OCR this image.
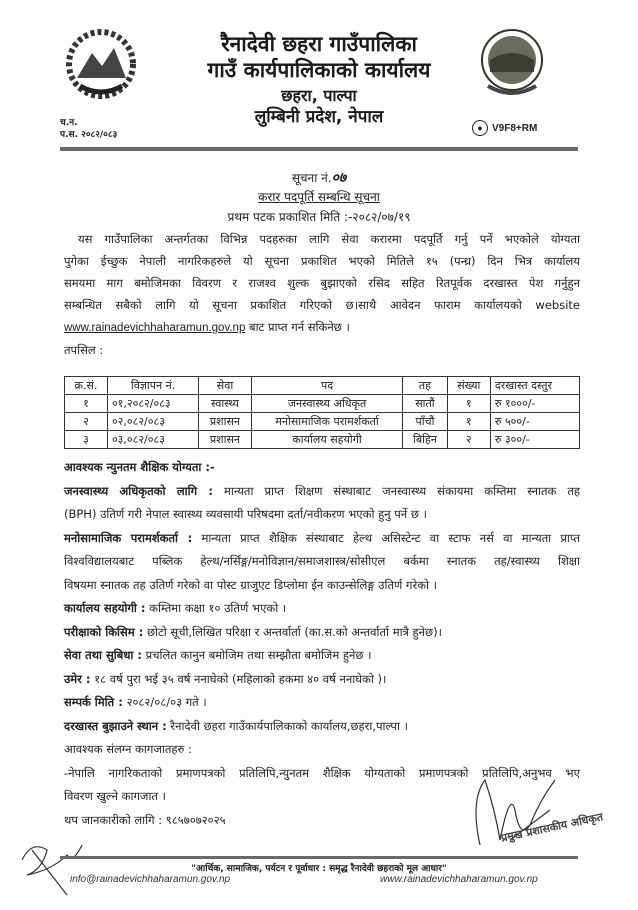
रैनादेवी छहरा गाउँपालिका
गाउँ कार्यपालिकाको कार्यालय
छहरा, पाल्पा
लुम्बिनी प्रदेश, नेपाल
च.न.
प.स. २०८२/०८३
● V9F8+RM
सूचना नं.०७
करार पदपूर्ति सम्बन्धि सूचना
प्रथम पटक प्रकाशित मिति :-२०८२/०७/१९
यस गाउँपालिका अन्तर्गतका विभिन्न पदहरुका लागि सेवा करारमा पदपूर्ति गर्नु पर्ने भएकोले योग्यता
पुगेका ईच्छुक नेपाली नागरिकहरुले यो सूचना प्रकाशित भएको मितिले १५ (पन्ध्र) दिन भित्र कार्यालय
समयमा माग बमोजिमका विवरण र राजश्व शुल्क बुझाएको रसिद सहित रितपूर्वक दरखास्त पेश गर्नुहुन
सम्बन्धित सबैको लागि यो सूचना प्रकाशित गरिएको छ।साथै आवेदन फाराम कार्यालयको website
www.rainadevichhaharamun.gov.np बाट प्राप्त गर्न सकिनेछ ।
तपसिल :
क्र.सं.	विज्ञापन नं.	सेवा	पद	तह	संख्या	दरखास्त दस्तुर
१	०१,२०८२/०८३	स्वास्थ्य	जनस्वास्थ्य अधिकृत	सातौं	१	रु १०००/-
२	०२,०८२/०८३	प्रशासन	मनोसामाजिक परामर्शकर्ता	पाँचौं	१	रु ५००/-
३	०३,०८२/०८३	प्रशासन	कार्यालय सहयोगी	बिहिन	२	रु ३००/-
आवश्यक न्युनतम शैक्षिक योग्यता :-
जनस्वास्थ्य अधिकृतको लागि : मान्यता प्राप्त शिक्षण संस्थाबाट जनस्वास्थ्य संकायमा कम्तिमा स्नातक तह
(BPH) उतिर्ण गरी नेपाल स्वास्थ्य व्यवसायी परिषदमा दर्ता/नवीकरण भएको हुनु पर्ने छ ।
मनोसामाजिक परामर्शकर्ता : मान्यता प्राप्त शैक्षिक संस्थाबाट हेल्थ असिस्टेन्ट वा स्टाफ नर्स वा मान्यता प्राप्त
विश्वविद्यालयबाट पब्लिक हेल्थ/नर्सिङ्ग/मनोविज्ञान/समाजशास्त्र/सोसीएल बर्कमा स्नातक तह/स्वास्थ्य शिक्षा
विषयमा स्नातक तह उतिर्ण गरेको वा पोस्ट ग्राजुएट डिप्लोमा ईन काउन्सेलिङ्ग उतिर्ण गरेको ।
कार्यालय सहयोगी : कम्तिमा कक्षा १० उतिर्ण भएको ।
परीक्षाको किसिम : छोटो सूची,लिखित परिक्षा र अन्तर्वार्ता (का.स.को अन्तर्वार्ता मात्रै हुनेछ)।
सेवा तथा सुबिधा : प्रचलित कानुन बमोजिम तथा सम्झौता बमोजिम हुनेछ ।
उमेर : १८ वर्ष पुरा भई ३५ वर्ष ननाघेको (महिलाको हकमा ४० वर्ष ननाघेको )।
सम्पर्क मिति : २०८२/०८/०३ गते ।
दरखास्त बुझाउने स्थान : रैनादेवी छहरा गाउँकार्यपालिकाको कार्यालय,छहरा,पाल्पा ।
आवश्यक संलग्न कागजातहरु :
-नेपालि नागरिकताको प्रमाणपत्रको प्रतिलिपि,न्युनतम शैक्षिक योग्यताको प्रमाणपत्रको प्रतिलिपि,अनुभव भए
विवरण खुल्ने कागजात ।
थप जानकारीको लागि : ९८५७०७२०२५	प्रमुख प्रशासकीय अधिकृत
"आर्थिक, सामाजिक, पर्यटन र पूर्वाधार : समृद्ध रैनादेवी छहराको मूल आधार"
info@rainadevichhaharamun.gov.np	www.rainadevichhaharamun.gov.np
